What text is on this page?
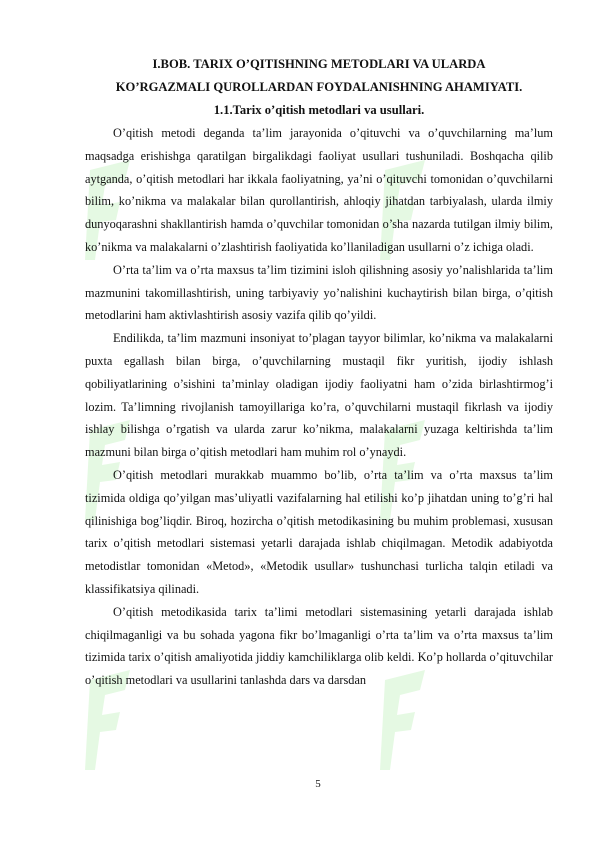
I.BOB. TARIX O’QITISHNING METODLARI VA ULARDA

KO’RGAZMALI QUROLLARDAN FOYDALANISHNING AHAMIYATI.

1.1.Tarix o’qitish metodlari va usullari.

O’qitish metodi deganda ta’lim jarayonida o’qituvchi va o’quvchilarning ma’lum maqsadga erishishga qaratilgan birgalikdagi faoliyat usullari tushuniladi. Boshqacha qilib aytganda, o’qitish metodlari har ikkala faoliyatning, ya’ni o’qituvchi tomonidan o’quvchilarni bilim, ko’nikma va malakalar bilan qurollantirish, ahloqiy jihatdan tarbiyalash, ularda ilmiy dunyoqarashni shakllantirish hamda o’quvchilar tomonidan o’sha nazarda tutilgan ilmiy bilim, ko’nikma va malakalarni o’zlashtirish faoliyatida ko’llaniladigan usullarni o’z ichiga oladi.

O’rta ta’lim va o’rta maxsus ta’lim tizimini isloh qilishning asosiy yo’nalishlarida ta’lim mazmunini takomillashtirish, uning tarbiyaviy yo’nalishini kuchaytirish bilan birga, o’qitish metodlarini ham aktivlashtirish asosiy vazifa qilib qo’yildi.

Endilikda, ta’lim mazmuni insoniyat to’plagan tayyor bilimlar, ko’nikma va malakalarni puxta egallash bilan birga, o’quvchilarning mustaqil fikr yuritish, ijodiy ishlash qobiliyatlarining o’sishini ta’minlay oladigan ijodiy faoliyatni ham o’zida birlashtirmog’i lozim. Ta’limning rivojlanish tamoyillariga ko’ra, o’quvchilarni mustaqil fikrlash va ijodiy ishlay bilishga o’rgatish va ularda zarur ko’nikma, malakalarni yuzaga keltirishda ta’lim mazmuni bilan birga o’qitish metodlari ham muhim rol o’ynaydi.

O’qitish metodlari murakkab muammo bo’lib, o’rta ta’lim va o’rta maxsus ta’lim tizimida oldiga qo’yilgan mas’uliyatli vazifalarning hal etilishi ko’p jihatdan uning to’g’ri hal qilinishiga bog’liqdir. Biroq, hozircha o’qitish metodikasining bu muhim problemasi, xususan tarix o’qitish metodlari sistemasi yetarli darajada ishlab chiqilmagan. Metodik adabiyotda metodistlar tomonidan «Metod», «Metodik usullar» tushunchasi turlicha talqin etiladi va klassifikatsiya qilinadi.

O’qitish metodikasida tarix ta’limi metodlari sistemasining yetarli darajada ishlab chiqilmaganligi va bu sohada yagona fikr bo’lmaganligi o’rta ta’lim va o’rta maxsus ta’lim tizimida tarix o’qitish amaliyotida jiddiy kamchiliklarga olib keldi. Ko’p hollarda o’qituvchilar o’qitish metodlari va usullarini tanlashda dars va darsdan

5
